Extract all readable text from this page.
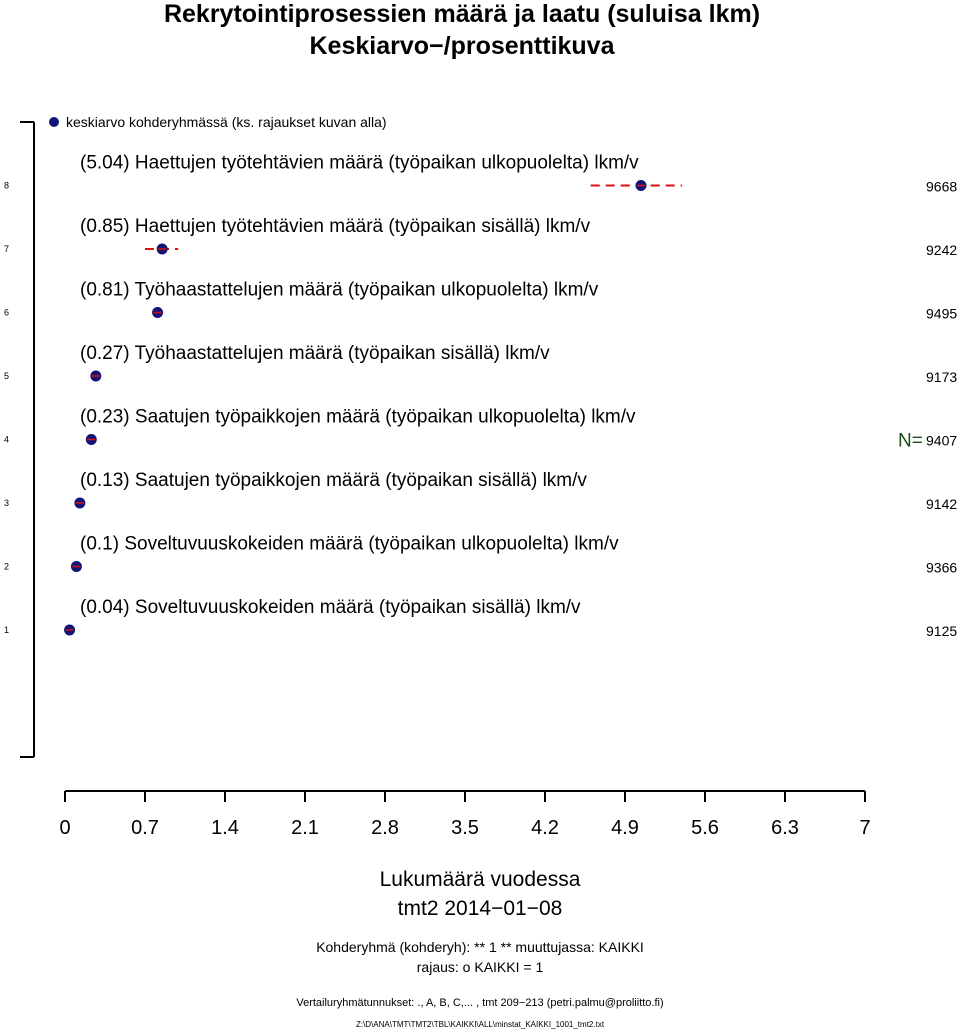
Rekrytointiprosessien määrä ja laatu (suluisa lkm)
Keskiarvo−/prosenttikuva
1
2
3
4
5
6
7
8
0	0.7	1.4	2.1	2.8	3.5	4.2	4.9	5.6	6.3	7
keskiarvo kohderyhmässä (ks. rajaukset kuvan alla)
(5.04) Haettujen työtehtävien määrä (työpaikan ulkopuolelta) lkm/v
9668
(0.85) Haettujen työtehtävien määrä (työpaikan sisällä) lkm/v
9242
(0.81) Työhaastattelujen määrä (työpaikan ulkopuolelta) lkm/v
9495
(0.27) Työhaastattelujen määrä (työpaikan sisällä) lkm/v
9173
(0.23) Saatujen työpaikkojen määrä (työpaikan ulkopuolelta) lkm/v
9407
(0.13) Saatujen työpaikkojen määrä (työpaikan sisällä) lkm/v
9142
(0.1) Soveltuvuuskokeiden määrä (työpaikan ulkopuolelta) lkm/v
9366
(0.04) Soveltuvuuskokeiden määrä (työpaikan sisällä) lkm/v
9125
N=
Lukumäärä vuodessa
tmt2 2014−01−08
Kohderyhmä (kohderyh): ** 1 ** muuttujassa: KAIKKI
rajaus: o KAIKKI = 1
Vertailuryhmätunnukset: ., A, B, C,... , tmt 209−213 (petri.palmu@proliitto.fi)
Z:\D\ANA\TMT\TMT2\TBL\KAIKKI\ALL\minstat_KAIKKI_1001_tmt2.txt
